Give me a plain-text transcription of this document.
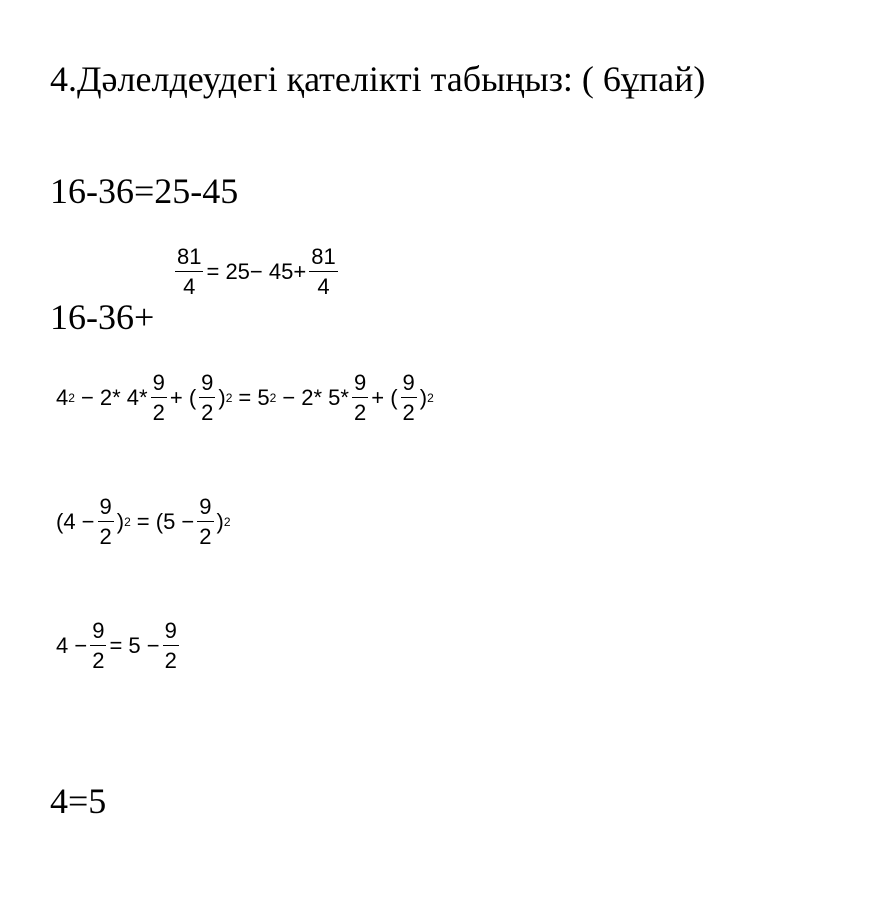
4.Дәлелдеудегі қателікті табыңыз: ( 6ұпай)
16-36=25-45
16-36+
$\frac{81}{4} = 25- 45+ \frac{81}{4}$
4 2 − 2* $4* \frac{9}{2}$ + ( $\frac{9}{2}$ ) 2 = 5 2 − 2* $5* \frac{9}{2}$ + ( $\frac{9}{2}$ ) 2
($4 - \frac{9}{2}$ ) $2 = (5 - \frac{9}{2}$ ) 2
$4 - \frac{9}{2} = 5 - \frac{9}{2}$
4=5
